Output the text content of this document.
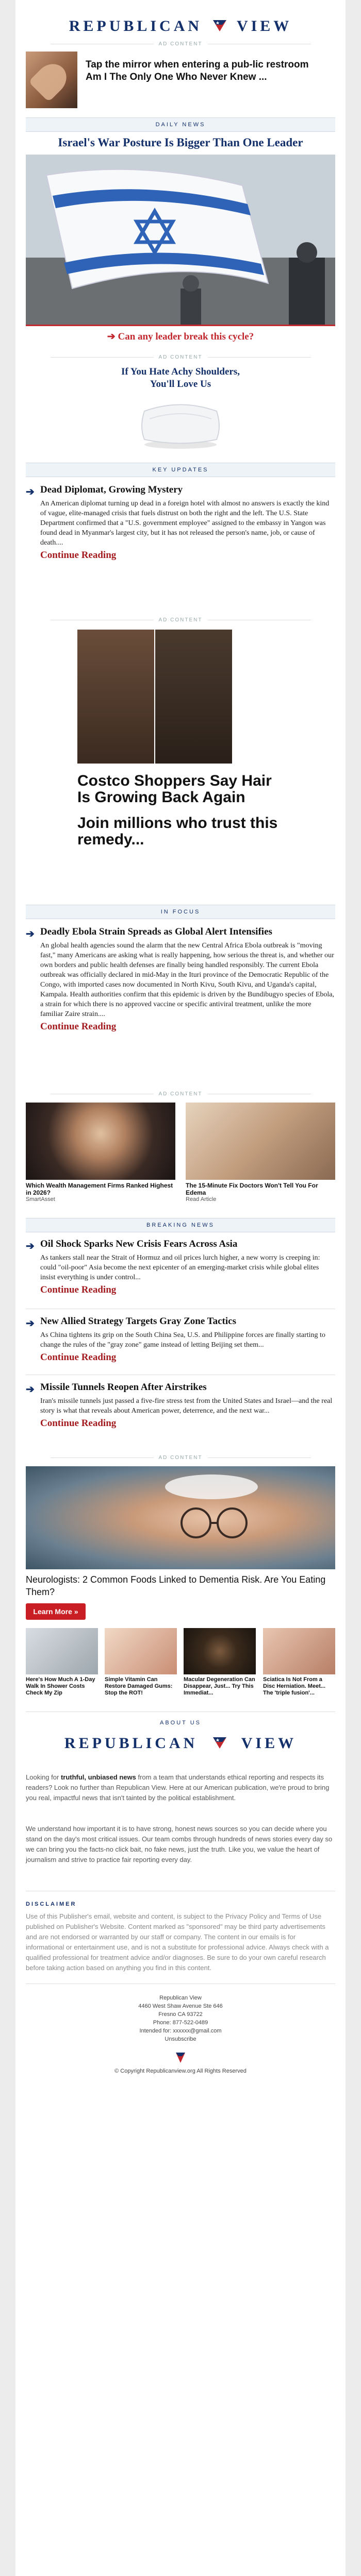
REPUBLICAN VIEW
AD CONTENT
Tap the mirror when entering a pub-lic restroom
Am I The Only One Who Never Knew ...
DAILY NEWS
Israel's War Posture Is Bigger Than One Leader
➔ Can any leader break this cycle?
AD CONTENT
If You Hate Achy Shoulders,
You'll Love Us
KEY UPDATES
➔ Dead Diplomat, Growing Mystery
An American diplomat turning up dead in a foreign hotel with almost no answers is exactly the kind of vague, elite-managed crisis that fuels distrust on both the right and the left. The U.S. State Department confirmed that a "U.S. government employee" assigned to the embassy in Yangon was found dead in Myanmar's largest city, but it has not released the person's name, job, or cause of death....
Continue Reading
AD CONTENT
Costco Shoppers Say Hair Is Growing Back Again
Join millions who trust this remedy...
IN FOCUS
➔ Deadly Ebola Strain Spreads as Global Alert Intensifies
An global health agencies sound the alarm that the new Central Africa Ebola outbreak is "moving fast," many Americans are asking what is really happening, how serious the threat is, and whether our own borders and public health defenses are finally being handled responsibly. The current Ebola outbreak was officially declared in mid-May in the Ituri province of the Democratic Republic of the Congo, with imported cases now documented in North Kivu, South Kivu, and Uganda's capital, Kampala. Health authorities confirm that this epidemic is driven by the Bundibugyo species of Ebola, a strain for which there is no approved vaccine or specific antiviral treatment, unlike the more familiar Zaire strain....
Continue Reading
AD CONTENT
Which Wealth Management Firms Ranked Highest in 2026?
SmartAsset
The 15-Minute Fix Doctors Won't Tell You For Edema
Read Article
BREAKING NEWS
➔ Oil Shock Sparks New Crisis Fears Across Asia
As tankers stall near the Strait of Hormuz and oil prices lurch higher, a new worry is creeping in: could "oil-poor" Asia become the next epicenter of an emerging-market crisis while global elites insist everything is under control...
Continue Reading
➔ New Allied Strategy Targets Gray Zone Tactics
As China tightens its grip on the South China Sea, U.S. and Philippine forces are finally starting to change the rules of the "gray zone" game instead of letting Beijing set them...
Continue Reading
➔ Missile Tunnels Reopen After Airstrikes
Iran's missile tunnels just passed a five-fire stress test from the United States and Israel—and the real story is what that reveals about American power, deterrence, and the next war...
Continue Reading
AD CONTENT
Neurologists: 2 Common Foods Linked to Dementia Risk. Are You Eating Them?
Learn More »
Here's How Much A 1-Day Walk In Shower Costs Check My Zip
Simple Vitamin Can Restore Damaged Gums: Stop the ROT!
Macular Degeneration Can Disappear, Just... Try This Immediat...
Sciatica Is Not From a Disc Herniation. Meet... The 'triple fusion'...
ABOUT US
REPUBLICAN	VIEW
Looking for truthful, unbiased news from a team that understands ethical reporting and respects its readers? Look no further than Republican View. Here at our American publication, we're proud to bring you real, impactful news that isn't tainted by the political establishment.
We understand how important it is to have strong, honest news sources so you can decide where you stand on the day's most critical issues. Our team combs through hundreds of news stories every day so we can bring you the facts-no click bait, no fake news, just the truth. Like you, we value the heart of journalism and strive to practice fair reporting every day.
DISCLAIMER
Use of this Publisher's email, website and content, is subject to the Privacy Policy and Terms of Use published on Publisher's Website. Content marked as "sponsored" may be third party advertisements and are not endorsed or warranted by our staff or company. The content in our emails is for informational or entertainment use, and is not a substitute for professional advice. Always check with a qualified professional for treatment advice and/or diagnoses. Be sure to do your own careful research before taking action based on anything you find in this content.
Republican View
4460 West Shaw Avenue Ste 646
Fresno CA 93722
Phone: 877-522-0489
Intended for: xxxxxx@gmail.com
Unsubscribe
© Copyright Republicanview.org All Rights Reserved
